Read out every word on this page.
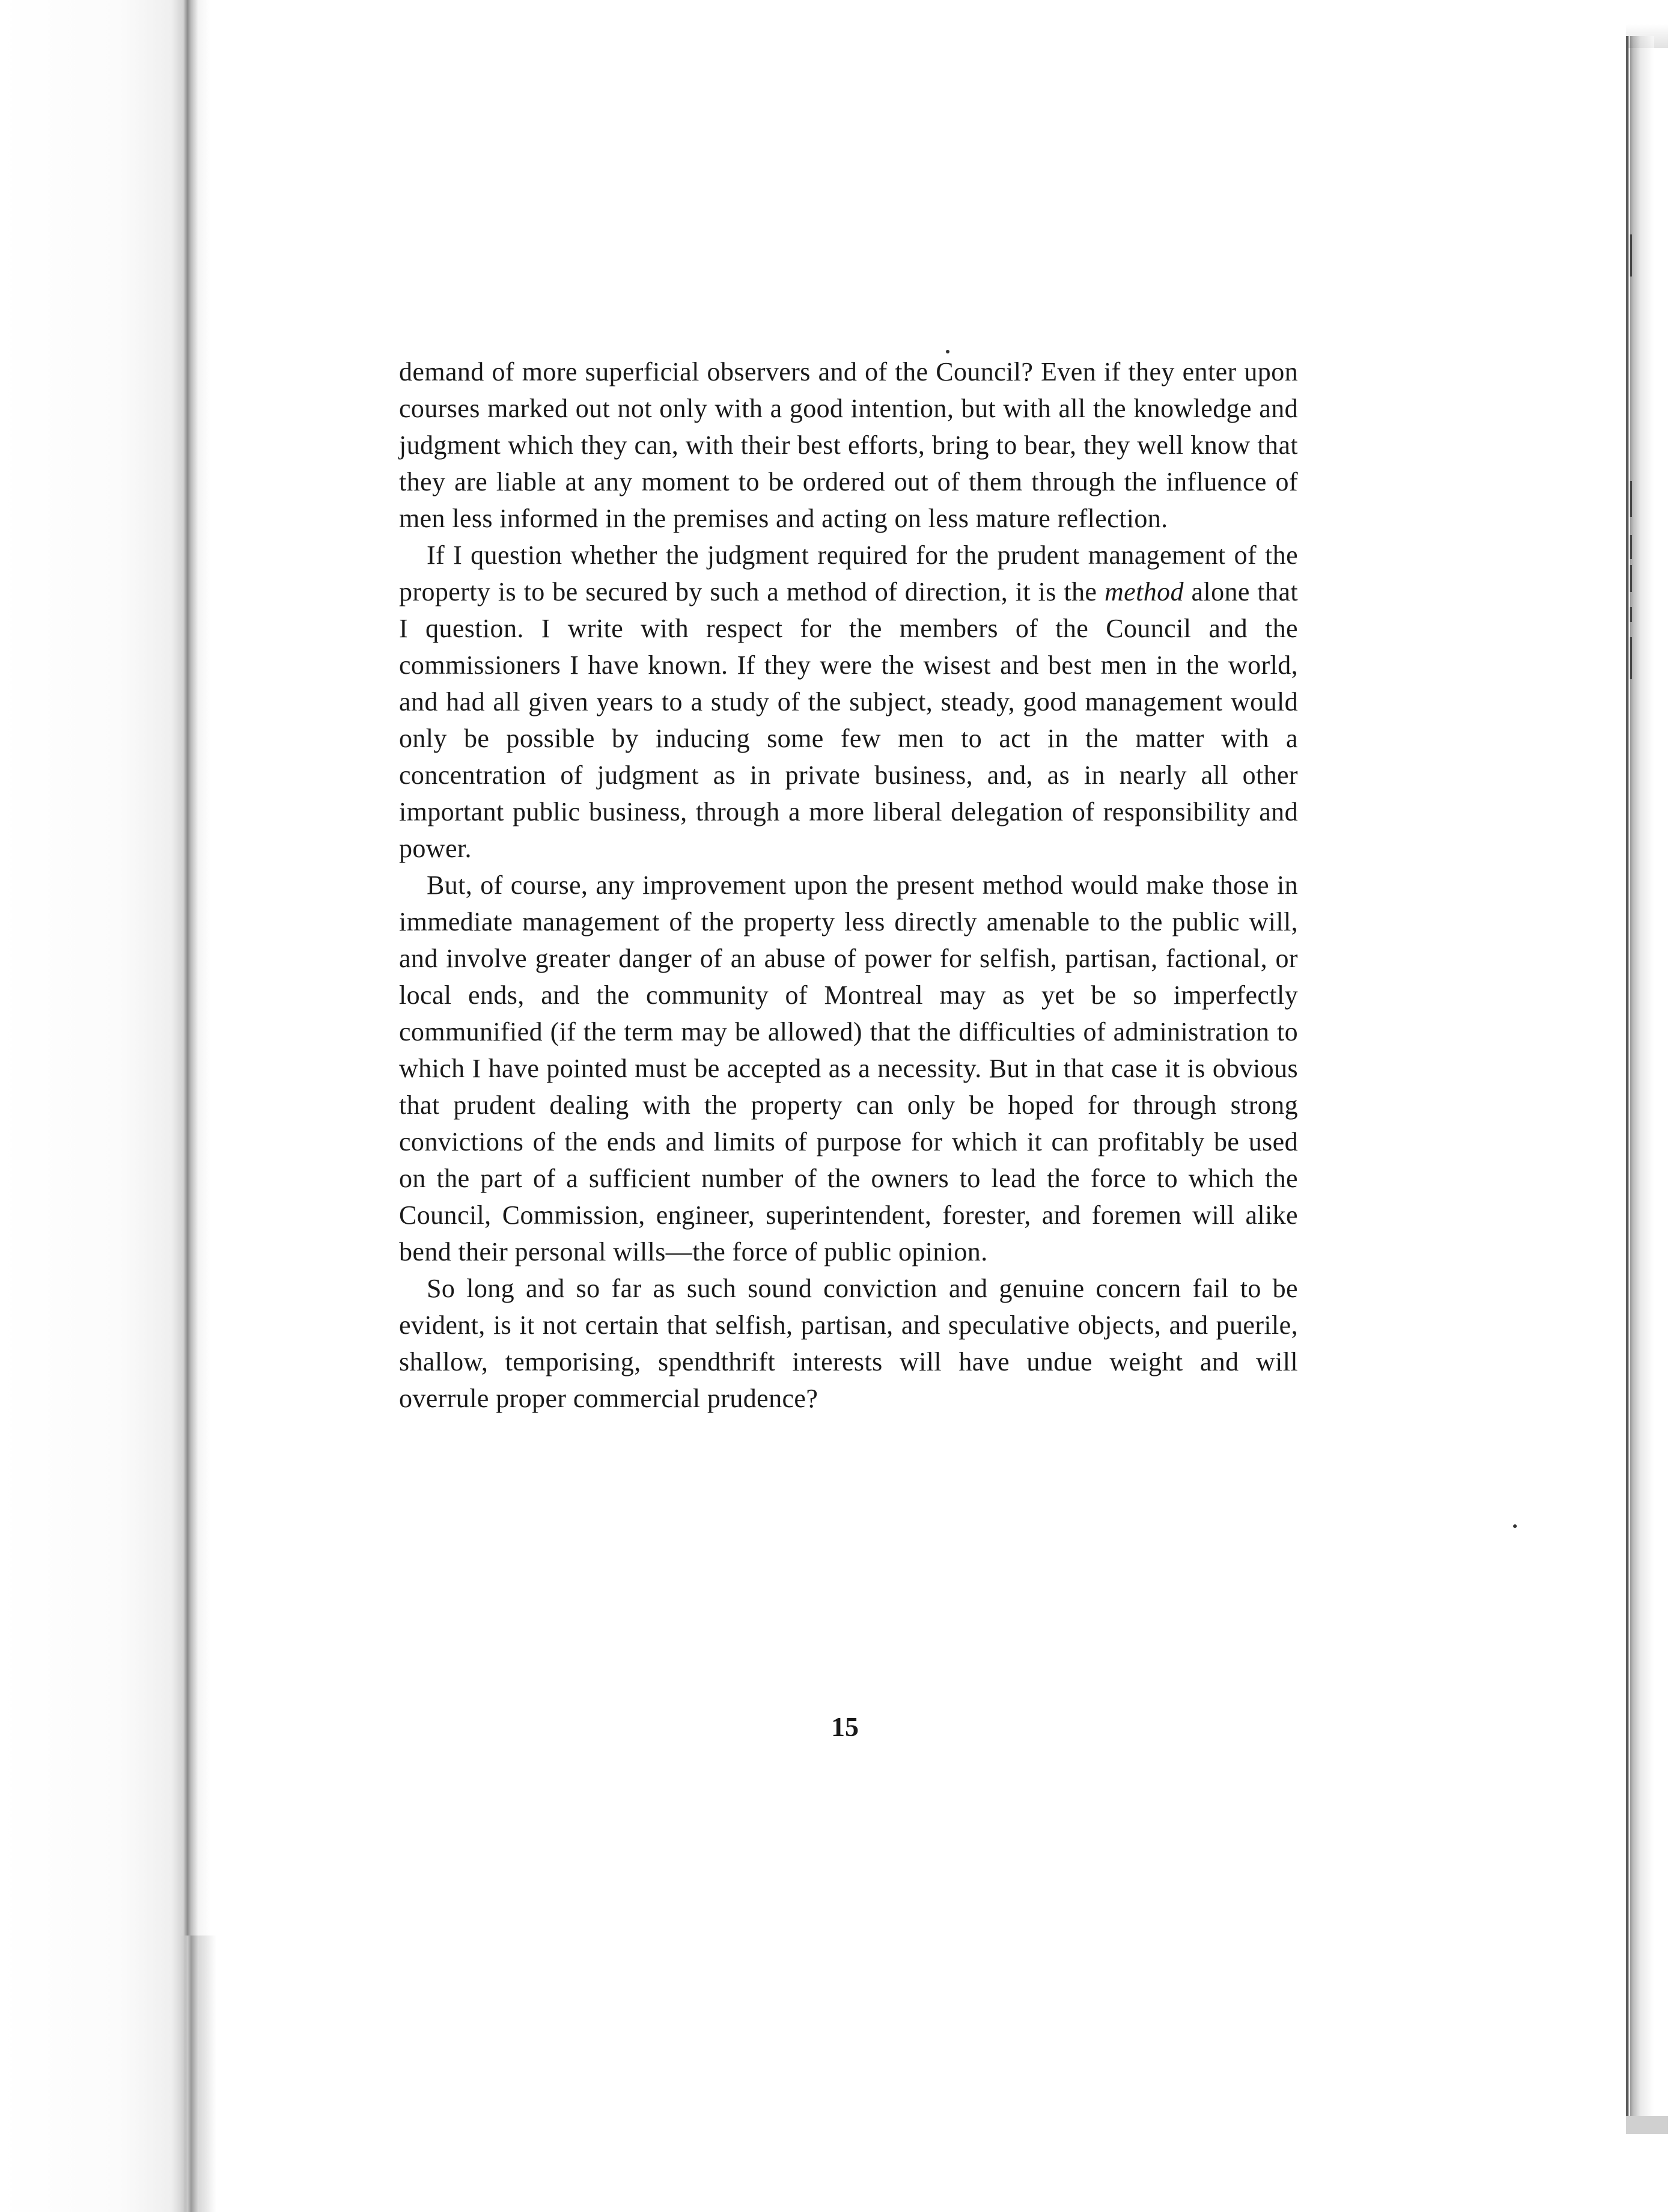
demand of more superficial observers and of the Council? Even if they enter upon courses marked out not only with a good intention, but with all the knowledge and judgment which they can, with their best efforts, bring to bear, they well know that they are liable at any moment to be ordered out of them through the influence of men less informed in the premises and acting on less mature reflection.

If I question whether the judgment required for the prudent management of the property is to be secured by such a method of direction, it is the method alone that I question. I write with respect for the members of the Council and the commissioners I have known. If they were the wisest and best men in the world, and had all given years to a study of the subject, steady, good management would only be possible by inducing some few men to act in the matter with a concentration of judgment as in private business, and, as in nearly all other important public business, through a more liberal delegation of responsibility and power.

But, of course, any improvement upon the present method would make those in immediate management of the property less directly amenable to the public will, and involve greater danger of an abuse of power for selfish, partisan, factional, or local ends, and the community of Montreal may as yet be so imperfectly communified (if the term may be allowed) that the difficulties of administration to which I have pointed must be accepted as a necessity. But in that case it is obvious that prudent dealing with the property can only be hoped for through strong convictions of the ends and limits of purpose for which it can profitably be used on the part of a sufficient number of the owners to lead the force to which the Council, Commission, engineer, superintendent, forester, and foremen will alike bend their personal wills—the force of public opinion.

So long and so far as such sound conviction and genuine concern fail to be evident, is it not certain that selfish, partisan, and speculative objects, and puerile, shallow, temporising, spendthrift interests will have undue weight and will overrule proper commercial prudence?

15
